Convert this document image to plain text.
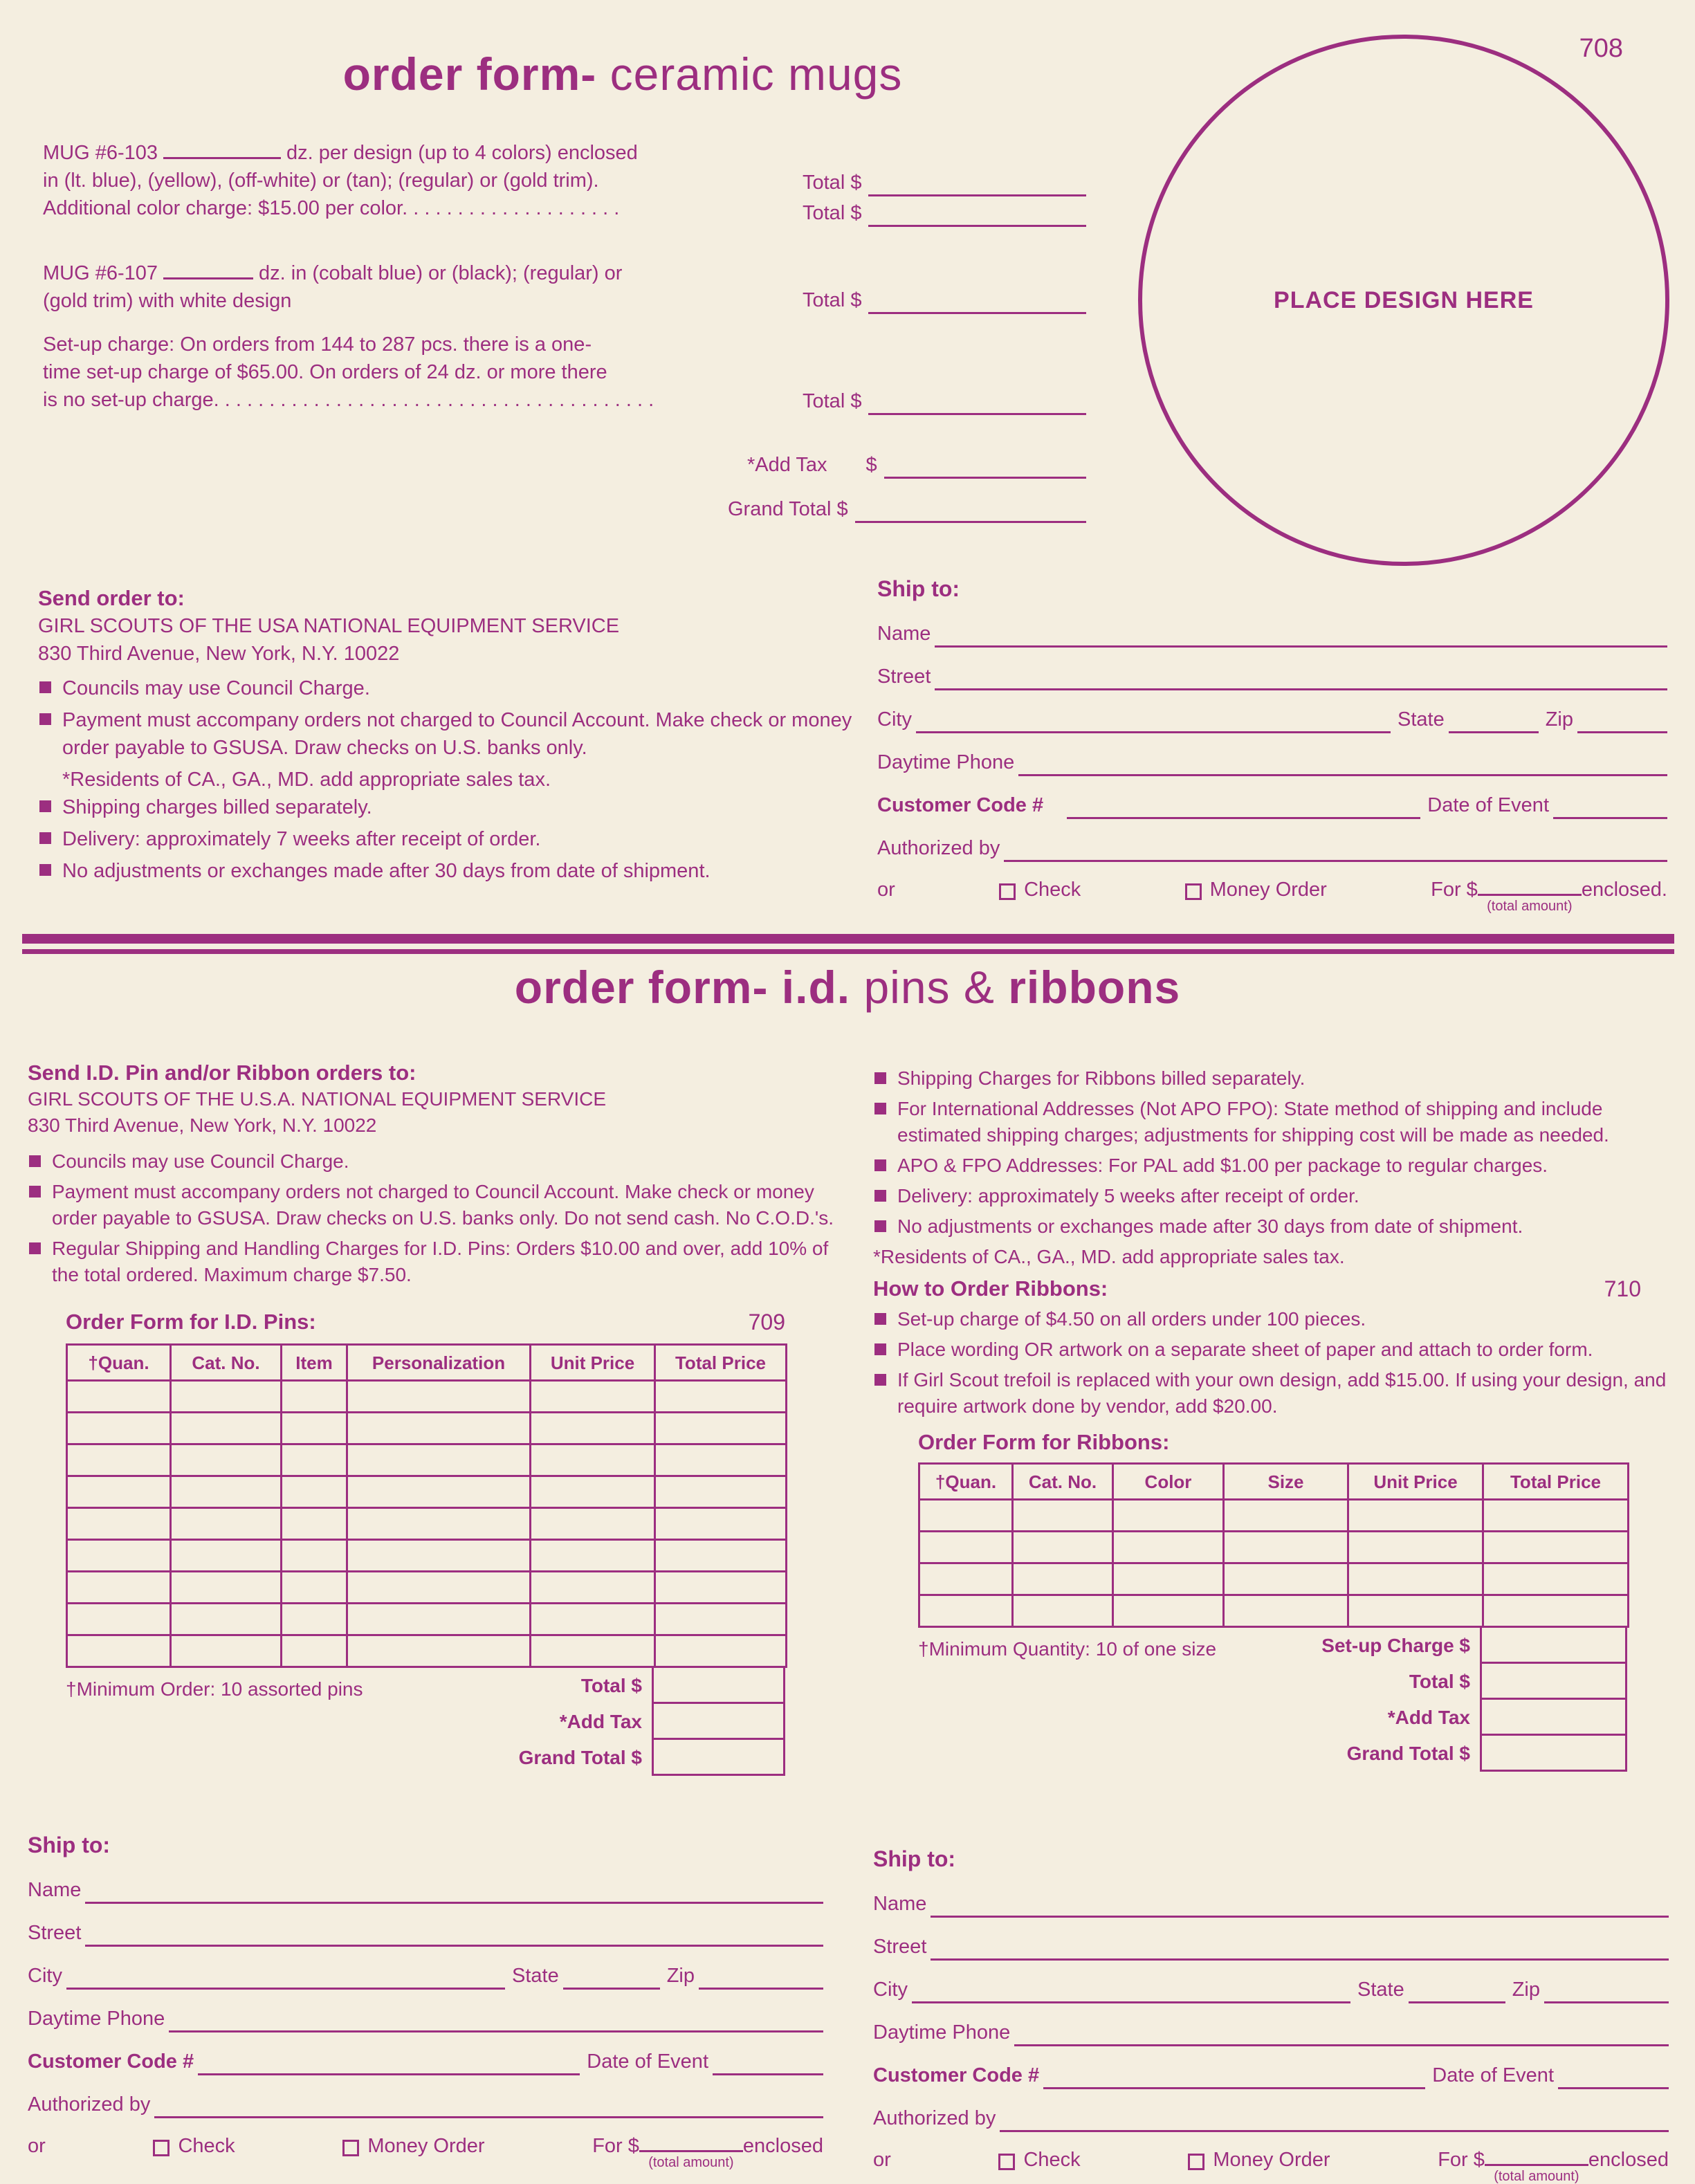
708
order form- ceramic mugs
MUG #6-103	dz. per design (up to 4 colors) enclosed
in (lt. blue), (yellow), (off-white) or (tan); (regular) or (gold trim).
Additional color charge: $15.00 per color. . . . . . . . . . . . . . . . . . . .
MUG #6-107	dz. in (cobalt blue) or (black); (regular) or
(gold trim) with white design
Set-up charge: On orders from 144 to 287 pcs. there is a one-
time set-up charge of $65.00. On orders of 24 dz. or more there
is no set-up charge. . . . . . . . . . . . . . . . . . . . . . . . . . . . . . . . . . . . . . . .
Total $
Total $
Total $
Total $
*Add Tax $
Grand Total $
PLACE DESIGN HERE
Send order to:
GIRL SCOUTS OF THE USA NATIONAL EQUIPMENT SERVICE
830 Third Avenue, New York, N.Y. 10022
Councils may use Council Charge.
Payment must accompany orders not charged to Council Account. Make check or money order payable to GSUSA. Draw checks on U.S. banks only.
*Residents of CA., GA., MD. add appropriate sales tax.
Shipping charges billed separately.
Delivery: approximately 7 weeks after receipt of order.
No adjustments or exchanges made after 30 days from date of shipment.
Ship to:
Name
Street
City	State	Zip
Daytime Phone
Customer Code #	Date of Event
Authorized by
or	Check	Money Order	For $
(total amount)
enclosed.
order form- i.d. pins & ribbons
Send I.D. Pin and/or Ribbon orders to:
GIRL SCOUTS OF THE U.S.A. NATIONAL EQUIPMENT SERVICE
830 Third Avenue, New York, N.Y. 10022
Councils may use Council Charge.
Payment must accompany orders not charged to Council Account. Make check or money order payable to GSUSA. Draw checks on U.S. banks only. Do not send cash. No C.O.D.'s.
Regular Shipping and Handling Charges for I.D. Pins: Orders $10.00 and over, add 10% of the total ordered. Maximum charge $7.50.
Order Form for I.D. Pins:	709
†Quan.	Cat. No.	Item	Personalization	Unit Price	Total Price

†Minimum Order: 10 assorted pins	Total $
*Add Tax
Grand Total $
Shipping Charges for Ribbons billed separately.
For International Addresses (Not APO FPO): State method of shipping and include estimated shipping charges; adjustments for shipping cost will be made as needed.
APO & FPO Addresses: For PAL add $1.00 per package to regular charges.
Delivery: approximately 5 weeks after receipt of order.
No adjustments or exchanges made after 30 days from date of shipment.
*Residents of CA., GA., MD. add appropriate sales tax.
How to Order Ribbons:	710
Set-up charge of $4.50 on all orders under 100 pieces.
Place wording OR artwork on a separate sheet of paper and attach to order form.
If Girl Scout trefoil is replaced with your own design, add $15.00. If using your design, and require artwork done by vendor, add $20.00.
Order Form for Ribbons:
†Quan.	Cat. No.	Color	Size	Unit Price	Total Price

†Minimum Quantity: 10 of one size	Set-up Charge $
Total $
*Add Tax
Grand Total $
Ship to:
Name
Street
City	State	Zip
Daytime Phone
Customer Code #	Date of Event
Authorized by
or	Check	Money Order	For $
(total amount)
enclosed
Ship to:
Name
Street
City	State	Zip
Daytime Phone
Customer Code #	Date of Event
Authorized by
or	Check	Money Order	For $
(total amount)
enclosed
